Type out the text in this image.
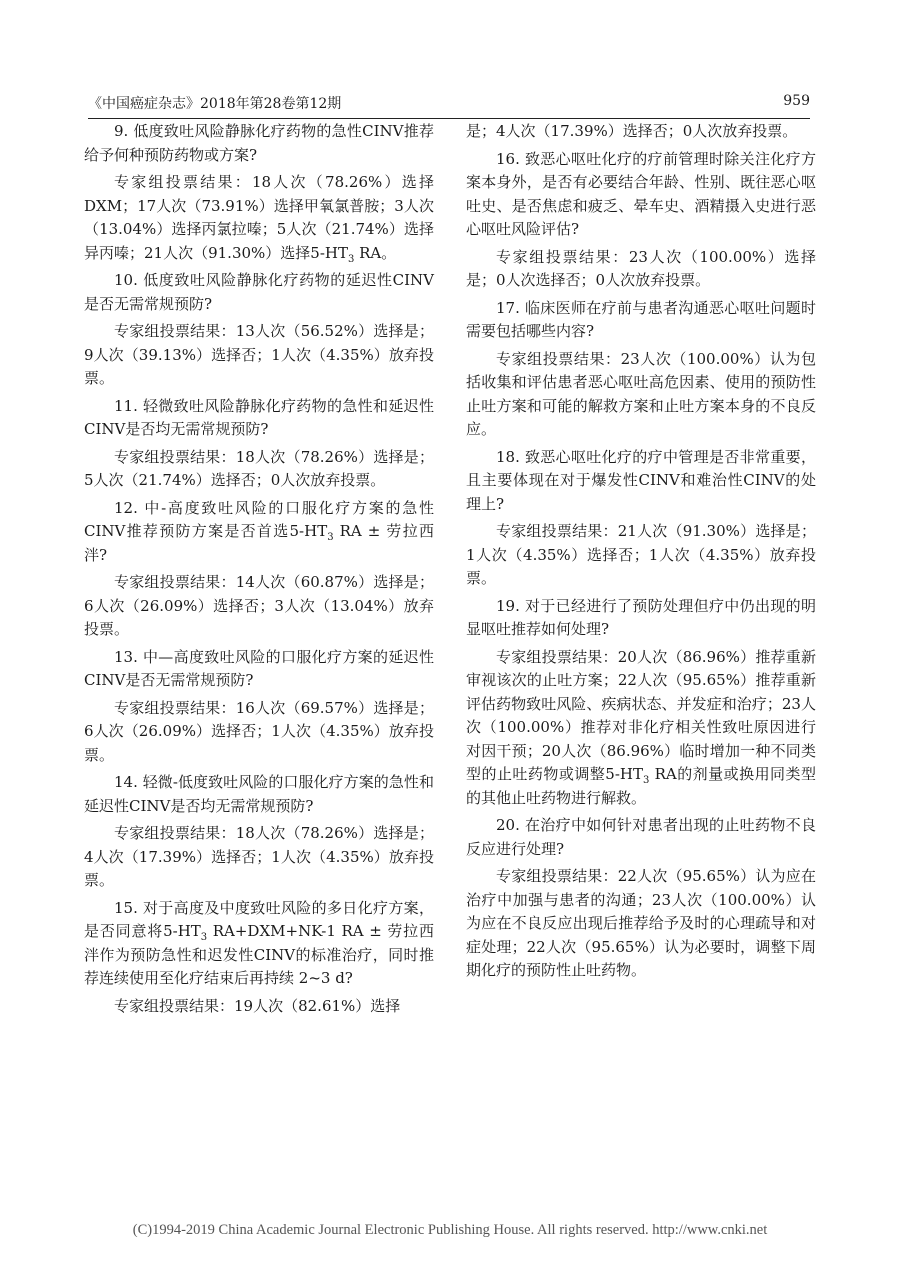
《中国癌症杂志》2018年第28卷第12期	959

9. 低度致吐风险静脉化疗药物的急性CINV推荐给予何种预防药物或方案?

专家组投票结果：18人次（78.26%）选择DXM；17人次（73.91%）选择甲氧氯普胺；3人次（13.04%）选择丙氯拉嗪；5人次（21.74%）选择异丙嗪；21人次（91.30%）选择$5-HT_3$ RA。

10. 低度致吐风险静脉化疗药物的延迟性CINV是否无需常规预防?

专家组投票结果：13人次（56.52%）选择是；9人次（39.13%）选择否；1人次（4.35%）放弃投票。

11. 轻微致吐风险静脉化疗药物的急性和延迟性CINV是否均无需常规预防?

专家组投票结果：18人次（78.26%）选择是；5人次（21.74%）选择否；0人次放弃投票。

12. 中-高度致吐风险的口服化疗方案的急性CINV推荐预防方案是否首选$5-HT_3$ RA ± 劳拉西泮?

专家组投票结果：14人次（60.87%）选择是；6人次（26.09%）选择否；3人次（13.04%）放弃投票。

13. 中—高度致吐风险的口服化疗方案的延迟性CINV是否无需常规预防?

专家组投票结果：16人次（69.57%）选择是；6人次（26.09%）选择否；1人次（4.35%）放弃投票。

14. 轻微-低度致吐风险的口服化疗方案的急性和延迟性CINV是否均无需常规预防?

专家组投票结果：18人次（78.26%）选择是；4人次（17.39%）选择否；1人次（4.35%）放弃投票。

15. 对于高度及中度致吐风险的多日化疗方案，是否同意将$5-HT_3$ RA+DXM+NK-1 RA ± 劳拉西泮作为预防急性和迟发性CINV的标准治疗，同时推荐连续使用至化疗结束后再持续 2~3 d?

专家组投票结果：19人次（82.61%）选择

是；4人次（17.39%）选择否；0人次放弃投票。

16. 致恶心呕吐化疗的疗前管理时除关注化疗方案本身外，是否有必要结合年龄、性别、既往恶心呕吐史、是否焦虑和疲乏、晕车史、酒精摄入史进行恶心呕吐风险评估?

专家组投票结果：23人次（100.00%）选择是；0人次选择否；0人次放弃投票。

17. 临床医师在疗前与患者沟通恶心呕吐问题时需要包括哪些内容?

专家组投票结果：23人次（100.00%）认为包括收集和评估患者恶心呕吐高危因素、使用的预防性止吐方案和可能的解救方案和止吐方案本身的不良反应。

18. 致恶心呕吐化疗的疗中管理是否非常重要，且主要体现在对于爆发性CINV和难治性CINV的处理上?

专家组投票结果：21人次（91.30%）选择是；1人次（4.35%）选择否；1人次（4.35%）放弃投票。

19. 对于已经进行了预防处理但疗中仍出现的明显呕吐推荐如何处理?

专家组投票结果：20人次（86.96%）推荐重新审视该次的止吐方案；22人次（95.65%）推荐重新评估药物致吐风险、疾病状态、并发症和治疗；23人次（100.00%）推荐对非化疗相关性致吐原因进行对因干预；20人次（86.96%）临时增加一种不同类型的止吐药物或调整$5-HT_3$ RA的剂量或换用同类型的其他止吐药物进行解救。

20. 在治疗中如何针对患者出现的止吐药物不良反应进行处理?

专家组投票结果：22人次（95.65%）认为应在治疗中加强与患者的沟通；23人次（100.00%）认为应在不良反应出现后推荐给予及时的心理疏导和对症处理；22人次（95.65%）认为必要时，调整下周期化疗的预防性止吐药物。

(C)1994-2019 China Academic Journal Electronic Publishing House. All rights reserved. http://www.cnki.net
